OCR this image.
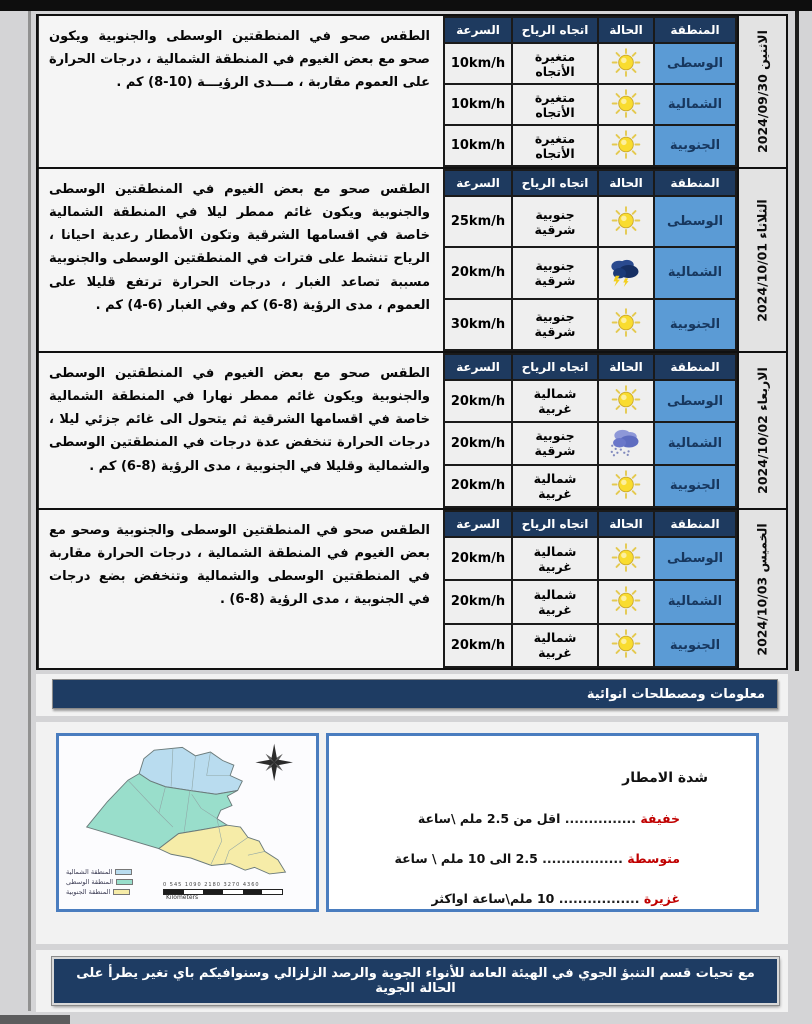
الاثنين 2024/09/30
المنطقة	الحالة	اتجاه الرياح	السرعة
الوسطى		متغيرة الأتجاه	10km/h
الشمالية		متغيرة الأتجاه	10km/h
الجنوبية		متغيرة الأتجاه	10km/h
الطقس صحو في المنطقتين الوسطى والجنوبية ويكون صحو مع بعض الغيوم في المنطقة الشمالية ، درجات الحرارة على العموم مقاربة ، مـــدى الرؤيـــة (10-8) كم .
الثلاثاء 2024/10/01
المنطقة	الحالة	اتجاه الرياح	السرعة
الوسطى		جنوبية شرقية	25km/h
الشمالية		جنوبية شرقية	20km/h
الجنوبية		جنوبية شرقية	30km/h
الطقس صحو مع بعض الغيوم في المنطقتين الوسطى والجنوبية ويكون غائم ممطر ليلا في المنطقة الشمالية خاصة في اقسامها الشرقية وتكون الأمطار رعدية احيانا ، الرياح تنشط على فترات في المنطقتين الوسطى والجنوبية مسببة تصاعد الغبار ، درجات الحرارة ترتفع قليلا على العموم ، مدى الرؤية (8-6) كم وفي الغبار (6-4) كم .
الاربعاء 2024/10/02
المنطقة	الحالة	اتجاه الرياح	السرعة
الوسطى		شمالية غربية	20km/h
الشمالية		جنوبية شرقية	20km/h
الجنوبية		شمالية غربية	20km/h
الطقس صحو مع بعض الغيوم في المنطقتين الوسطى والجنوبية ويكون غائم ممطر نهارا في المنطقة الشمالية خاصة في اقسامها الشرقية ثم يتحول الى غائم جزئي ليلا ، درجات الحرارة تنخفض عدة درجات في المنطقتين الوسطى والشمالية وقليلا في الجنوبية ، مدى الرؤية (8-6) كم .
الخميس 2024/10/03
المنطقة	الحالة	اتجاه الرياح	السرعة
الوسطى		شمالية غربية	20km/h
الشمالية		شمالية غربية	20km/h
الجنوبية		شمالية غربية	20km/h
الطقس صحو في المنطقتين الوسطى والجنوبية وصحو مع بعض الغيوم في المنطقة الشمالية ، درجات الحرارة مقاربة في المنطقتين الوسطى والشمالية وتنخفض بضع درجات في الجنوبية ، مدى الرؤية (8-6) .
معلومات ومصطلحات انوائية
المنطقة الشمالية
المنطقة الوسطى
المنطقة الجنوبية
0 545 1090 2180 3270 4360
Kilometers
شدة الامطار
خفيفة ............... اقل من 2.5 ملم \ساعة
متوسطة ................. 2.5 الى 10 ملم \ ساعة
غزيرة ................. 10 ملم\ساعة اواكثر
مع تحيات قسم التنبؤ الجوي في الهيئة العامة للأنواء الجوية والرصد الزلزالي وسنوافيكم باي تغير يطرأ على الحالة الجوية
